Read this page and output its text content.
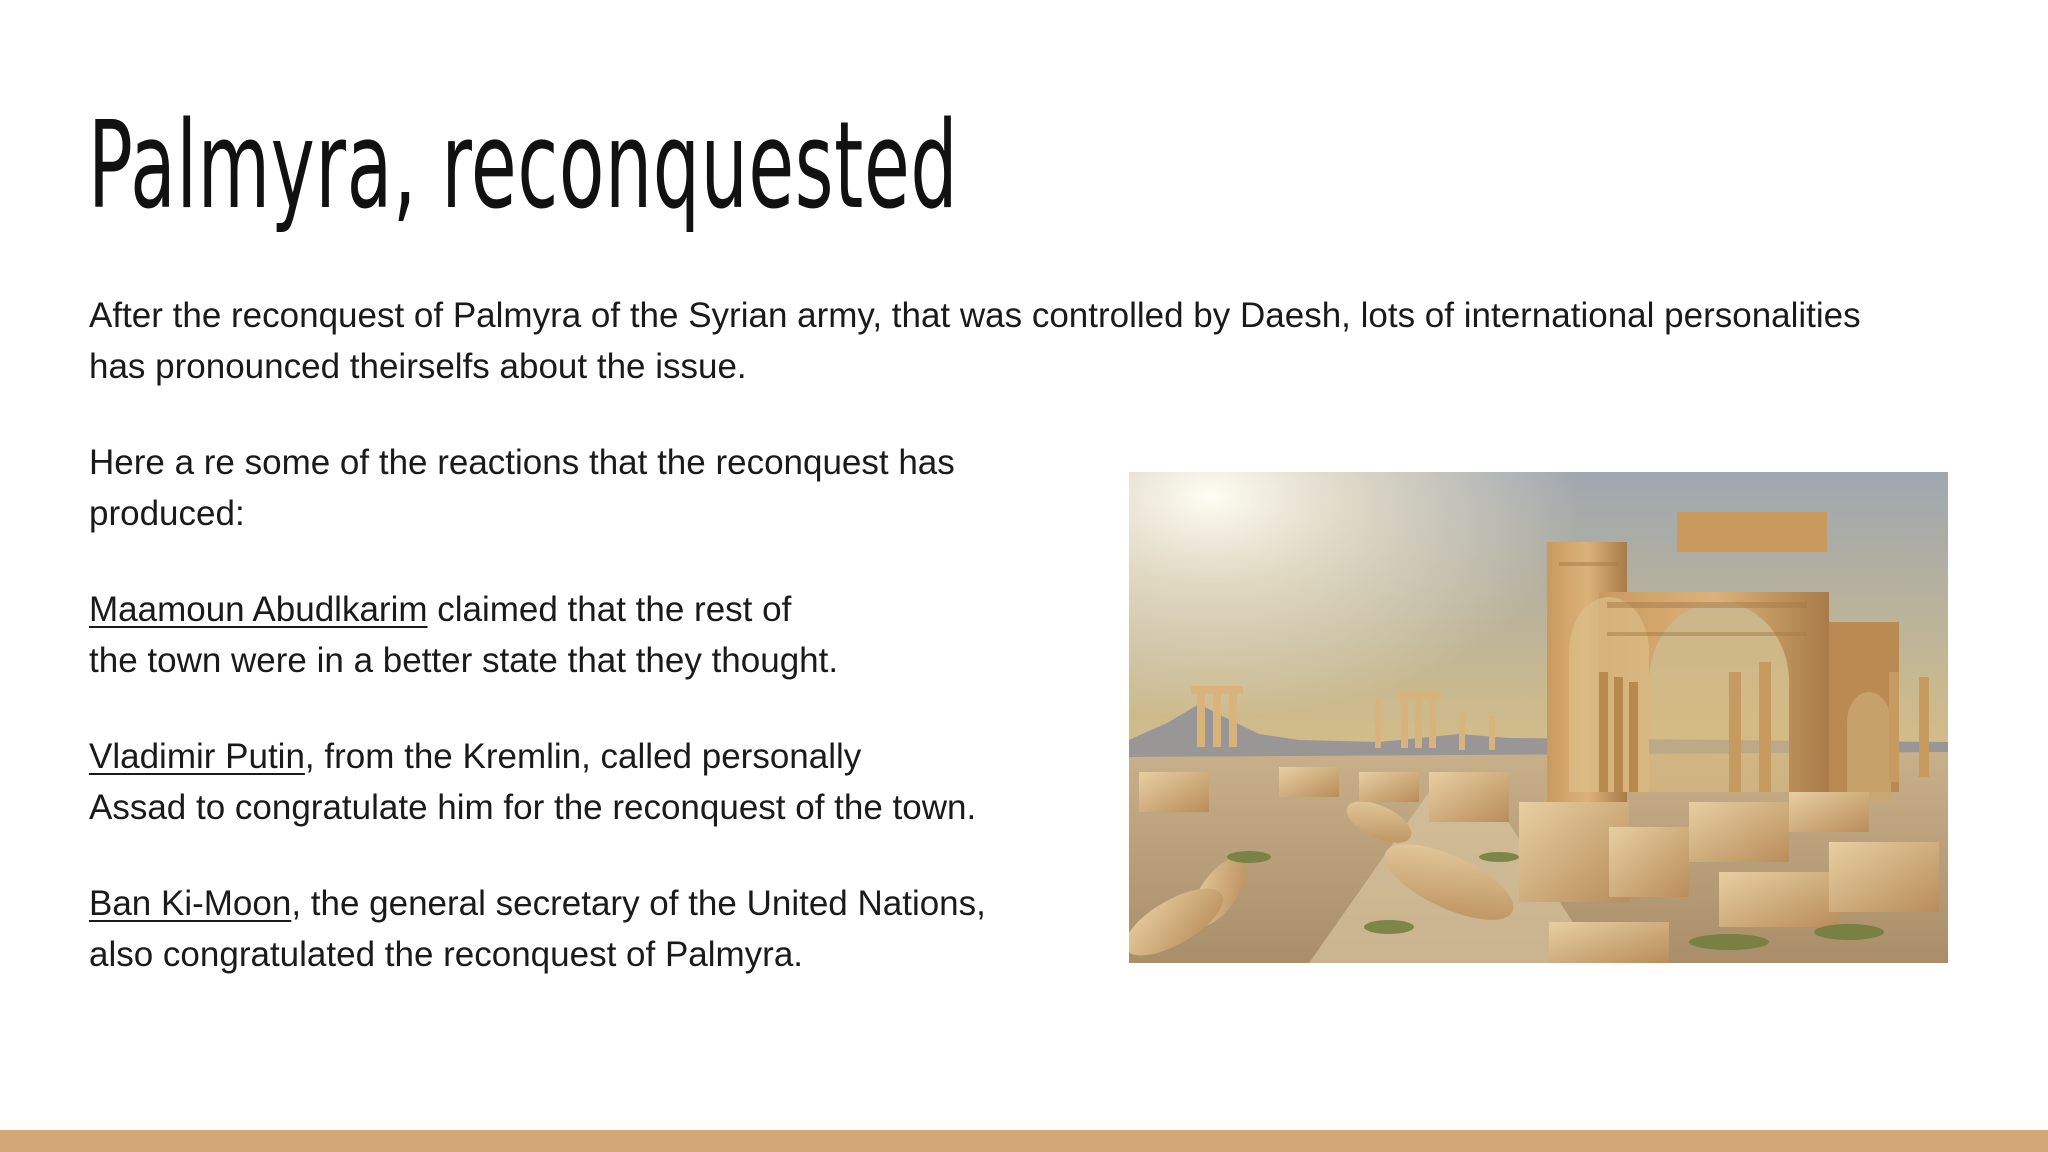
Palmyra, reconquested
After the reconquest of Palmyra of the Syrian army, that was controlled by Daesh, lots of international personalities
has pronounced theirselfs about the issue.

Here a re some of the reactions that the reconquest has
produced:

Maamoun Abudlkarim claimed that the rest of
the town were in a better state that they thought.

Vladimir Putin, from the Kremlin, called personally
Assad to congratulate him for the reconquest of the town.

Ban Ki-Moon, the general secretary of the United Nations,
also congratulated the reconquest of Palmyra.
